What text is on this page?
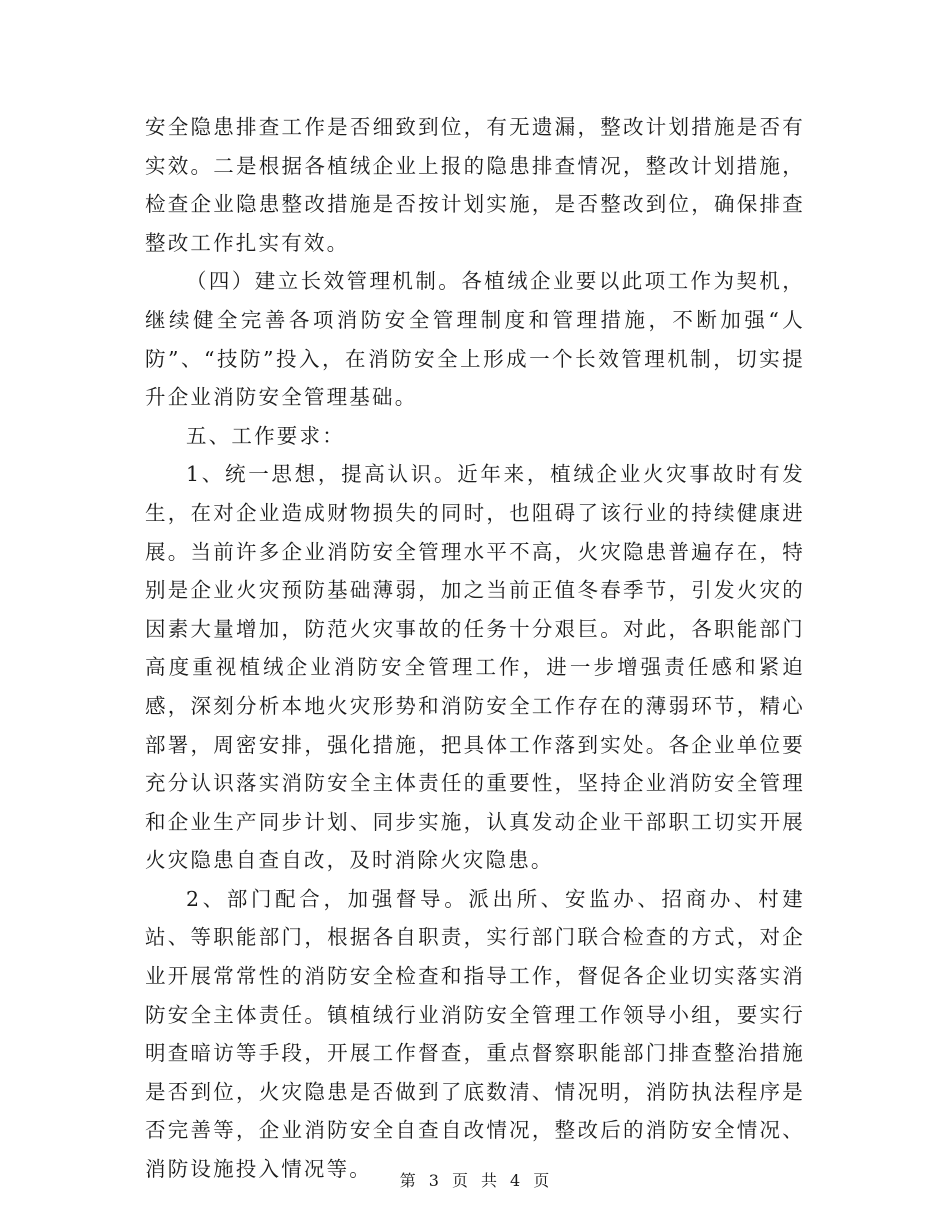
安全隐患排查工作是否细致到位，有无遗漏，整改计划措施是否有实效。二是根据各植绒企业上报的隐患排查情况，整改计划措施，检查企业隐患整改措施是否按计划实施，是否整改到位，确保排查整改工作扎实有效。

（四）建立长效管理机制。各植绒企业要以此项工作为契机，继续健全完善各项消防安全管理制度和管理措施，不断加强“人防”、“技防”投入，在消防安全上形成一个长效管理机制，切实提升企业消防安全管理基础。

五、工作要求：

1、统一思想，提高认识。近年来，植绒企业火灾事故时有发生，在对企业造成财物损失的同时，也阻碍了该行业的持续健康进展。当前许多企业消防安全管理水平不高，火灾隐患普遍存在，特别是企业火灾预防基础薄弱，加之当前正值冬春季节，引发火灾的因素大量增加，防范火灾事故的任务十分艰巨。对此，各职能部门高度重视植绒企业消防安全管理工作，进一步增强责任感和紧迫感，深刻分析本地火灾形势和消防安全工作存在的薄弱环节，精心部署，周密安排，强化措施，把具体工作落到实处。各企业单位要充分认识落实消防安全主体责任的重要性，坚持企业消防安全管理和企业生产同步计划、同步实施，认真发动企业干部职工切实开展火灾隐患自查自改，及时消除火灾隐患。

2、部门配合，加强督导。派出所、安监办、招商办、村建站、等职能部门，根据各自职责，实行部门联合检查的方式，对企业开展常常性的消防安全检查和指导工作，督促各企业切实落实消防安全主体责任。镇植绒行业消防安全管理工作领导小组，要实行明查暗访等手段，开展工作督查，重点督察职能部门排查整治措施是否到位，火灾隐患是否做到了底数清、情况明，消防执法程序是否完善等，企业消防安全自查自改情况，整改后的消防安全情况、消防设施投入情况等。	第 3 页 共 4 页
